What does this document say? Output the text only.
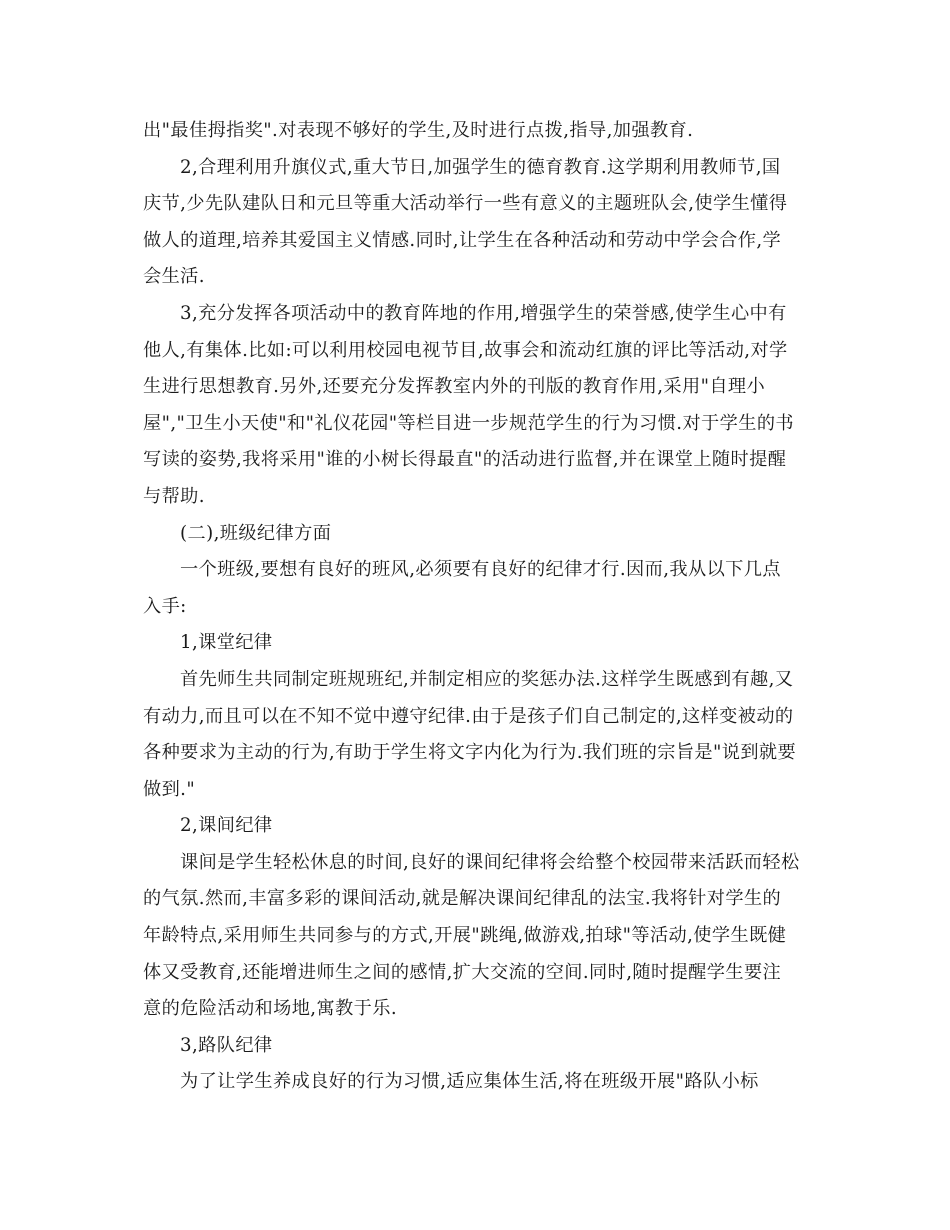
出"最佳拇指奖".对表现不够好的学生,及时进行点拨,指导,加强教育.
2,合理利用升旗仪式,重大节日,加强学生的德育教育.这学期利用教师节,国
庆节,少先队建队日和元旦等重大活动举行一些有意义的主题班队会,使学生懂得
做人的道理,培养其爱国主义情感.同时,让学生在各种活动和劳动中学会合作,学
会生活.
3,充分发挥各项活动中的教育阵地的作用,增强学生的荣誉感,使学生心中有
他人,有集体.比如:可以利用校园电视节目,故事会和流动红旗的评比等活动,对学
生进行思想教育.另外,还要充分发挥教室内外的刊版的教育作用,采用"自理小
屋","卫生小天使"和"礼仪花园"等栏目进一步规范学生的行为习惯.对于学生的书
写读的姿势,我将采用"谁的小树长得最直"的活动进行监督,并在课堂上随时提醒
与帮助.
(二),班级纪律方面
一个班级,要想有良好的班风,必须要有良好的纪律才行.因而,我从以下几点
入手:
1,课堂纪律
首先师生共同制定班规班纪,并制定相应的奖惩办法.这样学生既感到有趣,又
有动力,而且可以在不知不觉中遵守纪律.由于是孩子们自己制定的,这样变被动的
各种要求为主动的行为,有助于学生将文字内化为行为.我们班的宗旨是"说到就要
做到."
2,课间纪律
课间是学生轻松休息的时间,良好的课间纪律将会给整个校园带来活跃而轻松
的气氛.然而,丰富多彩的课间活动,就是解决课间纪律乱的法宝.我将针对学生的
年龄特点,采用师生共同参与的方式,开展"跳绳,做游戏,拍球"等活动,使学生既健
体又受教育,还能增进师生之间的感情,扩大交流的空间.同时,随时提醒学生要注
意的危险活动和场地,寓教于乐.
3,路队纪律
为了让学生养成良好的行为习惯,适应集体生活,将在班级开展"路队小标
